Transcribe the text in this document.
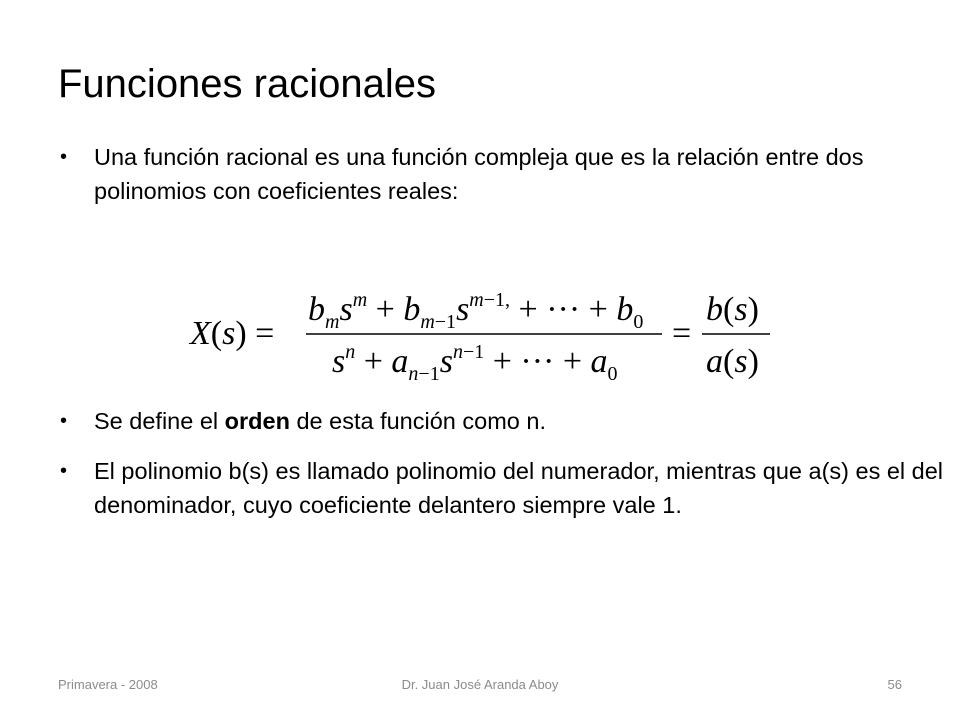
Funciones racionales
• Una función racional es una función compleja que es la relación entre dos polinomios con coeficientes reales:
• Se define el orden de esta función como n.
• El polinomio b(s) es llamado polinomio del numerador, mientras que a(s) es el del denominador, cuyo coeficiente delantero siempre vale 1.
X(s) =
$b_ms^m + b_m-1s^m-1$, + ··· + $b_0$
$s^n + a_n-1s^n-1$ + ··· + $a_0$
=
b(s)
a(s)
Primavera - 2008	Dr. Juan José Aranda Aboy	56
